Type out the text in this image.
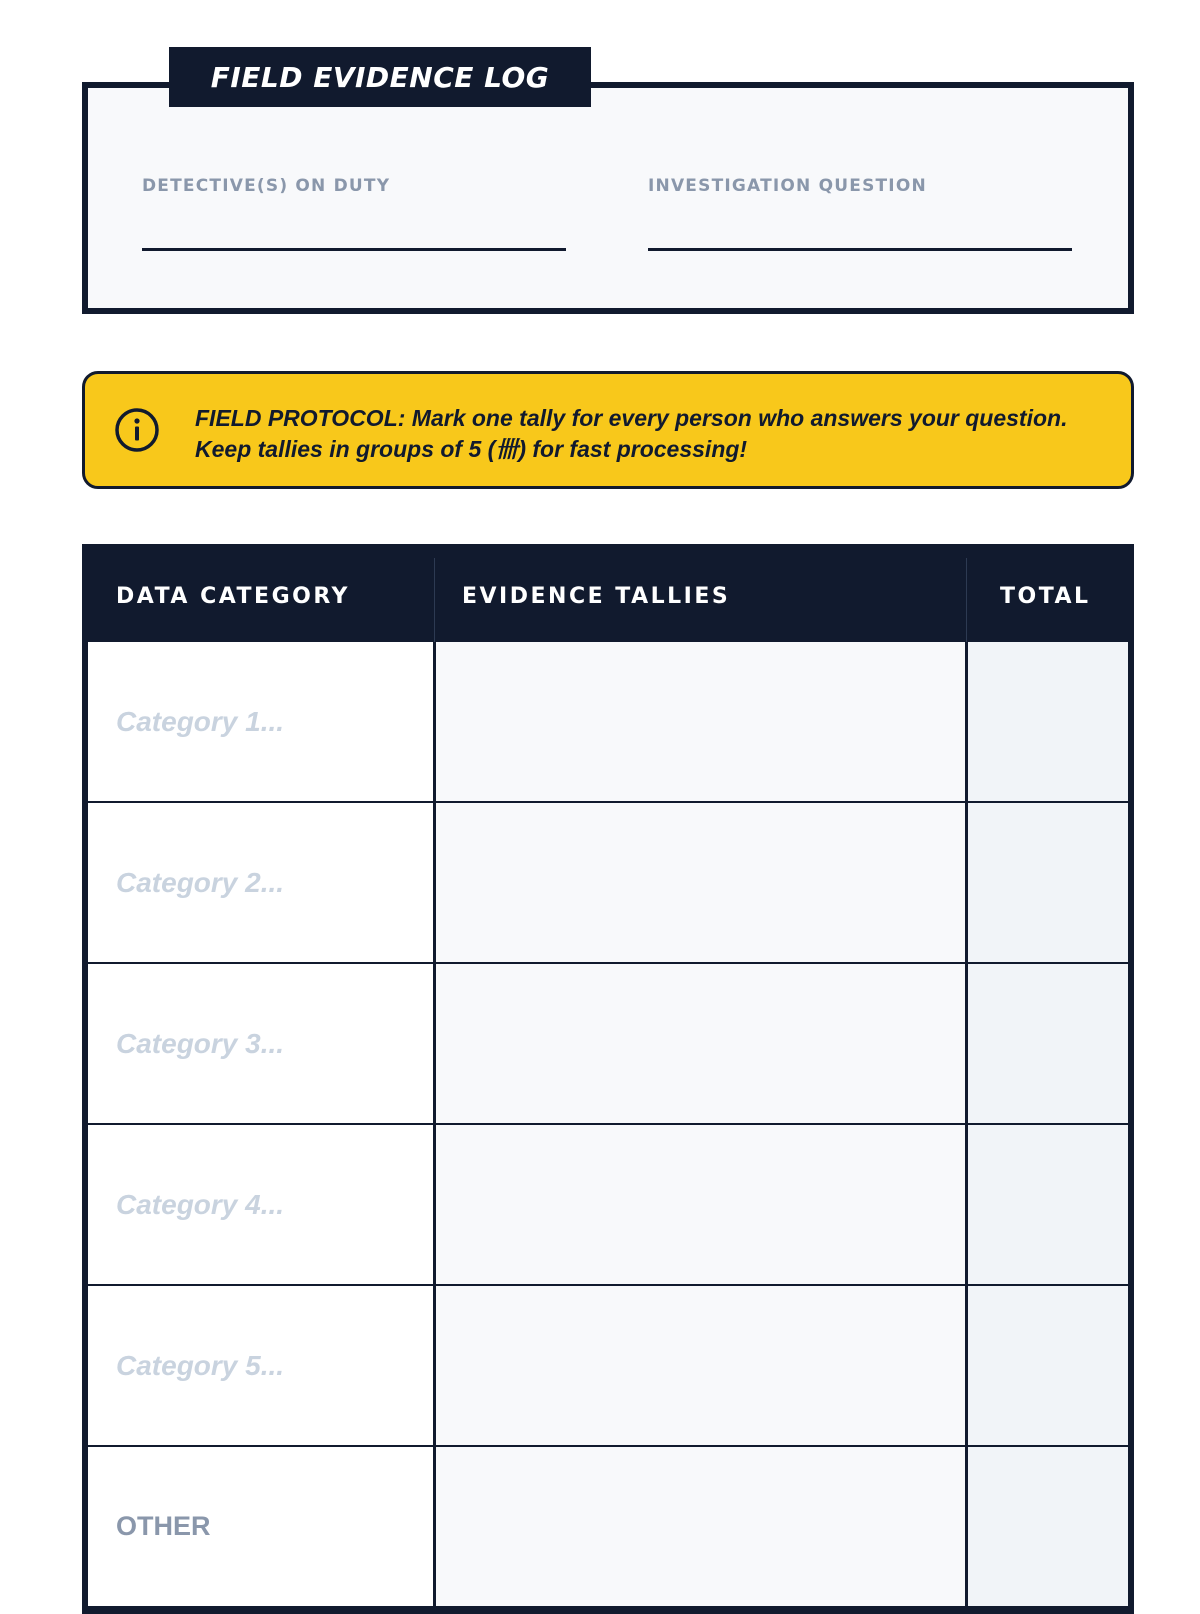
FIELD EVIDENCE LOG
DETECTIVE(S) ON DUTY	INVESTIGATION QUESTION
FIELD PROTOCOL: Mark one tally for every person who answers your question.
Keep tallies in groups of 5 (卌) for fast processing!
DATA CATEGORY	EVIDENCE TALLIES	TOTAL
Category 1...
Category 2...
Category 3...
Category 4...
Category 5...
OTHER
